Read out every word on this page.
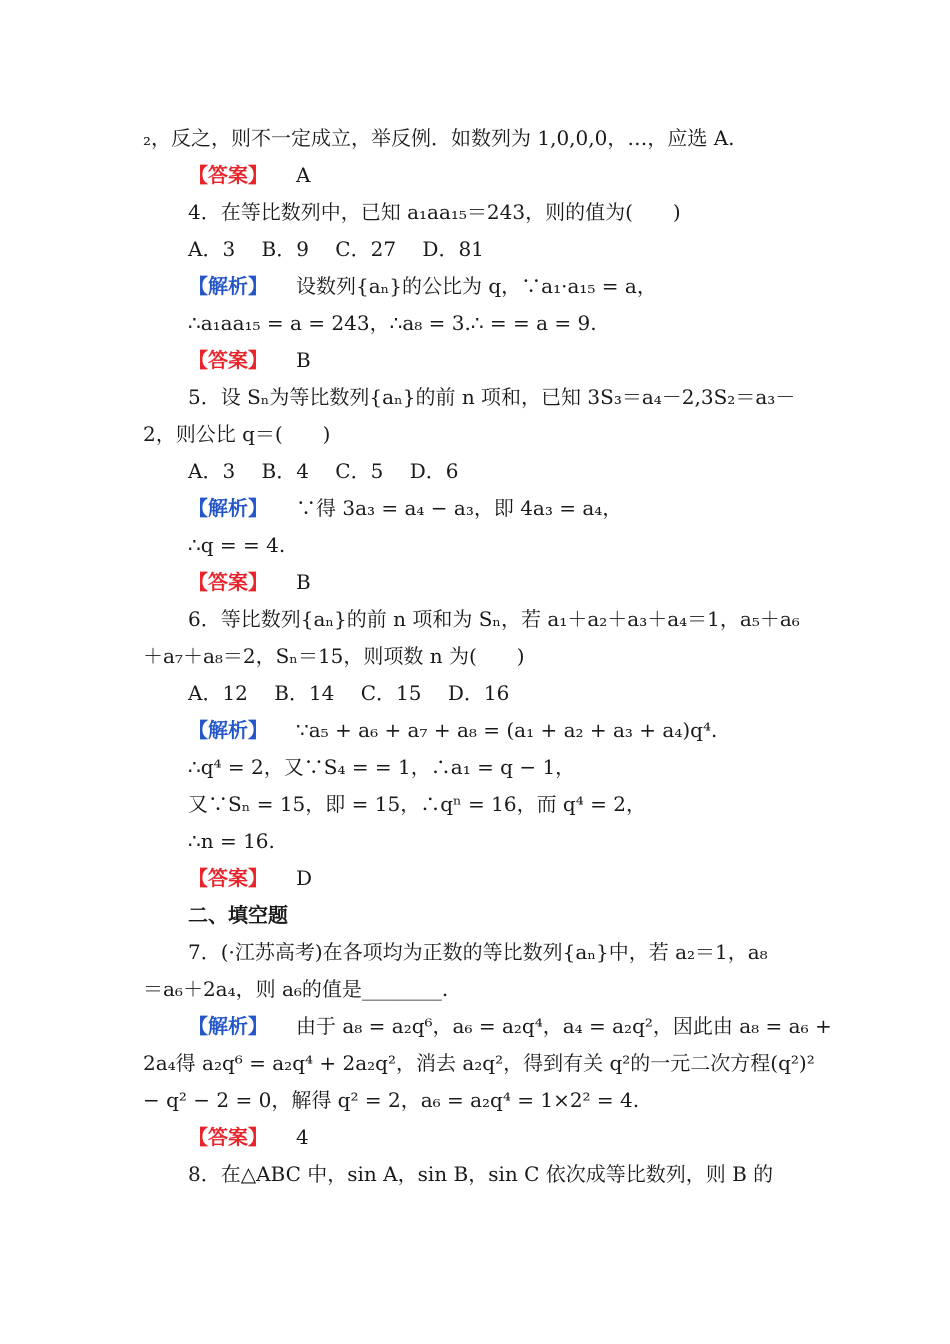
₂，反之，则不一定成立，举反例．如数列为 1,0,0,0，…，应选 A.
【答案】 A
4．在等比数列中，已知 a₁aa₁₅＝243，则的值为(　　)
A．3　 B．9　 C．27　 D．81
【解析】 设数列{aₙ}的公比为 q，∵a₁·a₁₅ = a，
∴a₁aa₁₅ = a = 243，∴a₈ = 3.∴ = = a = 9.
【答案】 B
5．设 Sₙ为等比数列{aₙ}的前 n 项和，已知 3S₃＝a₄－2,3S₂＝a₃－
2，则公比 q＝(　　)
A．3　 B．4　 C．5　 D．6
【解析】 ∵得 3a₃ = a₄ − a₃，即 4a₃ = a₄，
∴q = = 4.
【答案】 B
6．等比数列{aₙ}的前 n 项和为 Sₙ，若 a₁＋a₂＋a₃＋a₄＝1，a₅＋a₆
＋a₇＋a₈＝2，Sₙ＝15，则项数 n 为(　　)
A．12　 B．14　 C．15　 D．16
【解析】 ∵a₅ + a₆ + a₇ + a₈ = (a₁ + a₂ + a₃ + a₄)q⁴.
∴q⁴ = 2，又∵S₄ = = 1，∴a₁ = q − 1，
又∵Sₙ = 15，即 = 15，∴qⁿ = 16，而 q⁴ = 2，
∴n = 16.
【答案】 D
二、填空题
7．(·江苏高考)在各项均为正数的等比数列{aₙ}中，若 a₂＝1，a₈
＝a₆＋2a₄，则 a₆的值是________.
【解析】 由于 a₈ = a₂q⁶，a₆ = a₂q⁴，a₄ = a₂q²，因此由 a₈ = a₆ +
2a₄得 a₂q⁶ = a₂q⁴ + 2a₂q²，消去 a₂q²，得到有关 q²的一元二次方程(q²)²
− q² − 2 = 0，解得 q² = 2，a₆ = a₂q⁴ = 1×2² = 4.
【答案】 4
8．在△ABC 中，sin A，sin B，sin C 依次成等比数列，则 B 的
